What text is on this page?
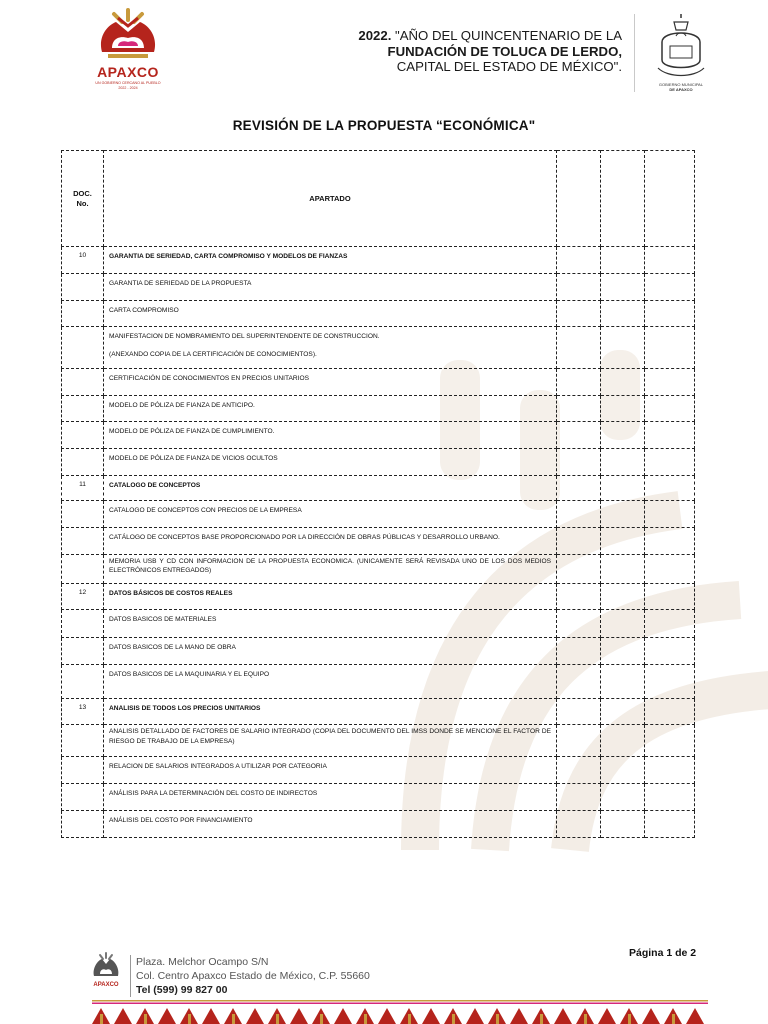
APAXCO
UN GOBIERNO CERCANO AL PUEBLO
2022 - 2024
2022. "AÑO DEL QUINCENTENARIO DE LA
FUNDACIÓN DE TOLUCA DE LERDO,
CAPITAL DEL ESTADO DE MÉXICO".
GOBIERNO MUNICIPAL
DE APAXCO
REVISIÓN DE LA PROPUESTA “ECONÓMICA"
DOC.
No.	APARTADO			
10	GARANTIA DE SERIEDAD, CARTA COMPROMISO Y MODELOS DE FIANZAS			
	GARANTIA DE SERIEDAD DE LA PROPUESTA			
	CARTA COMPROMISO			
	MANIFESTACION DE NOMBRAMIENTO DEL SUPERINTENDENTE DE CONSTRUCCION.
(ANEXANDO COPIA DE LA CERTIFICACIÓN DE CONOCIMIENTOS).			

	CERTIFICACIÓN DE CONOCIMIENTOS EN PRECIOS UNITARIOS			
	MODELO DE PÓLIZA DE FIANZA DE ANTICIPO.			
	MODELO DE PÓLIZA DE FIANZA DE CUMPLIMIENTO.			
	MODELO DE PÓLIZA DE FIANZA DE VICIOS OCULTOS			
11	CATALOGO DE CONCEPTOS			
	CATALOGO DE CONCEPTOS CON PRECIOS DE LA EMPRESA			
	CATÁLOGO DE CONCEPTOS BASE PROPORCIONADO POR LA DIRECCIÓN DE OBRAS PÚBLICAS Y DESARROLLO URBANO.			
	MEMORIA USB Y CD CON INFORMACION DE LA PROPUESTA ECONOMICA. (UNICAMENTE SERÁ REVISADA UNO DE LOS DOS MEDIOS ELECTRÓNICOS ENTREGADOS)			
12	DATOS BÁSICOS DE COSTOS REALES			
	DATOS BASICOS DE MATERIALES			
	DATOS BASICOS DE LA MANO DE OBRA			
	DATOS BASICOS DE LA MAQUINARIA Y EL EQUIPO			
13	ANALISIS DE TODOS LOS PRECIOS UNITARIOS			
	ANALISIS DETALLADO DE FACTORES DE SALARIO INTEGRADO (COPIA DEL DOCUMENTO DEL IMSS DONDE SE MENCIONE EL FACTOR DE RIESGO DE TRABAJO DE LA EMPRESA)			
	RELACION DE SALARIOS INTEGRADOS A UTILIZAR POR CATEGORIA			
	ANÁLISIS PARA LA DETERMINACIÓN DEL COSTO DE INDIRECTOS			
	ANÁLISIS DEL COSTO POR FINANCIAMIENTO			
Página 1 de 2
APAXCO
Plaza. Melchor Ocampo S/N
Col. Centro Apaxco Estado de México, C.P. 55660
Tel (599) 99 827 00
